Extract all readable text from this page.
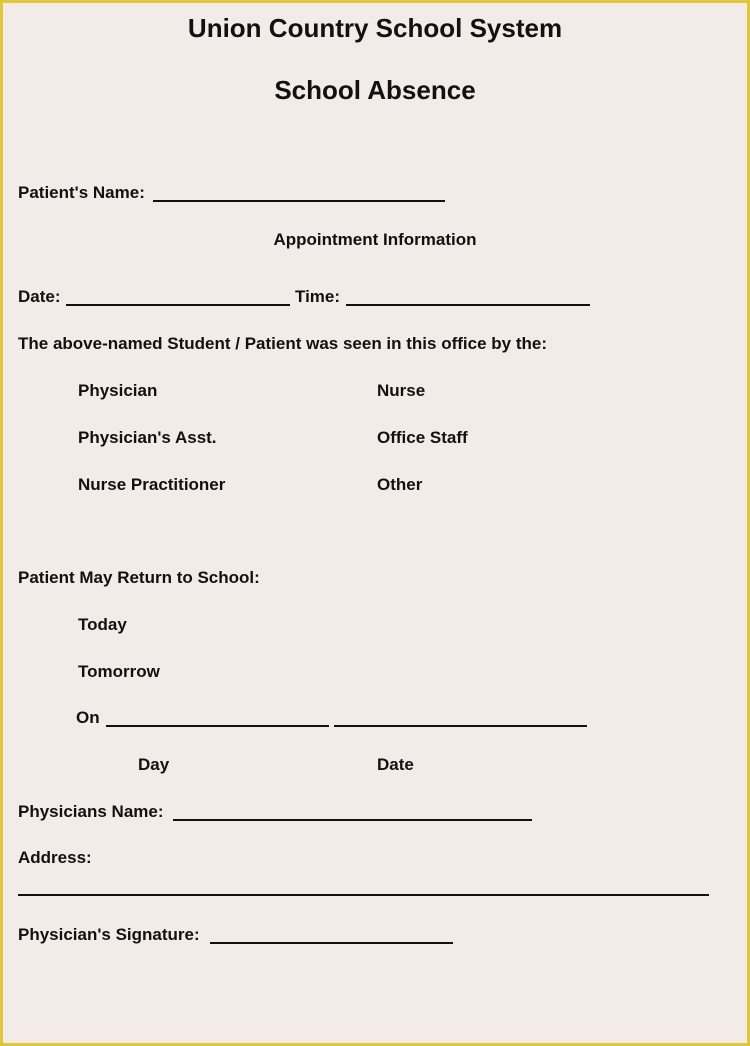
Union Country School System
School Absence
Patient's Name:
Appointment Information
Date:	Time:
The above-named Student / Patient was seen in this office by the:
Physician	Nurse
Physician's Asst.	Office Staff
Nurse Practitioner	Other
Patient May Return to School:
Today
Tomorrow
On
Day	Date
Physicians Name:
Address:
Physician's Signature:
